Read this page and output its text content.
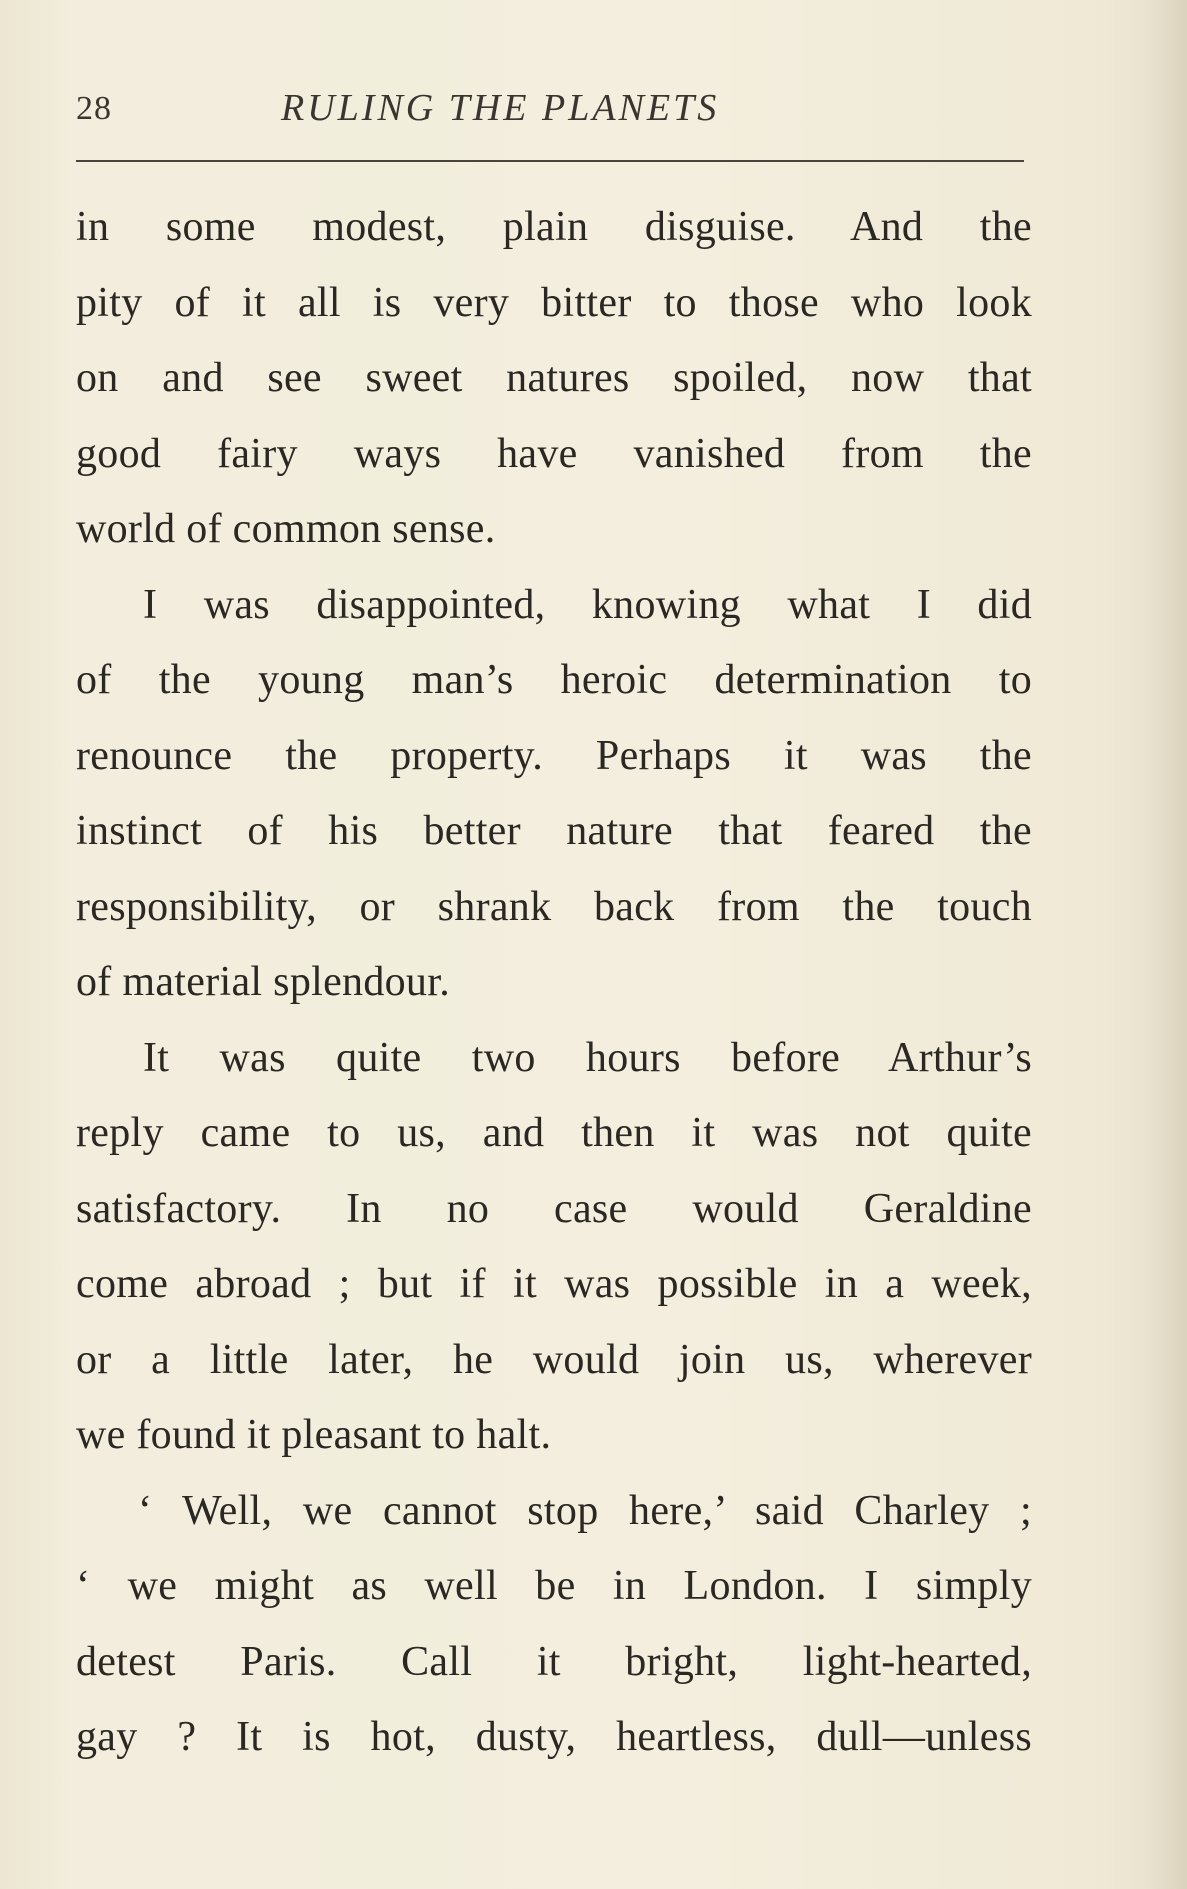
28	RULING THE PLANETS
in some modest, plain disguise. And the
pity of it all is very bitter to those who look
on and see sweet natures spoiled, now that
good fairy ways have vanished from the
world of common sense.
I was disappointed, knowing what I did
of the young man’s heroic determination to
renounce the property. Perhaps it was the
instinct of his better nature that feared the
responsibility, or shrank back from the touch
of material splendour.
It was quite two hours before Arthur’s
reply came to us, and then it was not quite
satisfactory. In no case would Geraldine
come abroad ; but if it was possible in a week,
or a little later, he would join us, wherever
we found it pleasant to halt.
‘ Well, we cannot stop here,’ said Charley ;
‘ we might as well be in London. I simply
detest Paris. Call it bright, light-hearted,
gay ? It is hot, dusty, heartless, dull—unless
